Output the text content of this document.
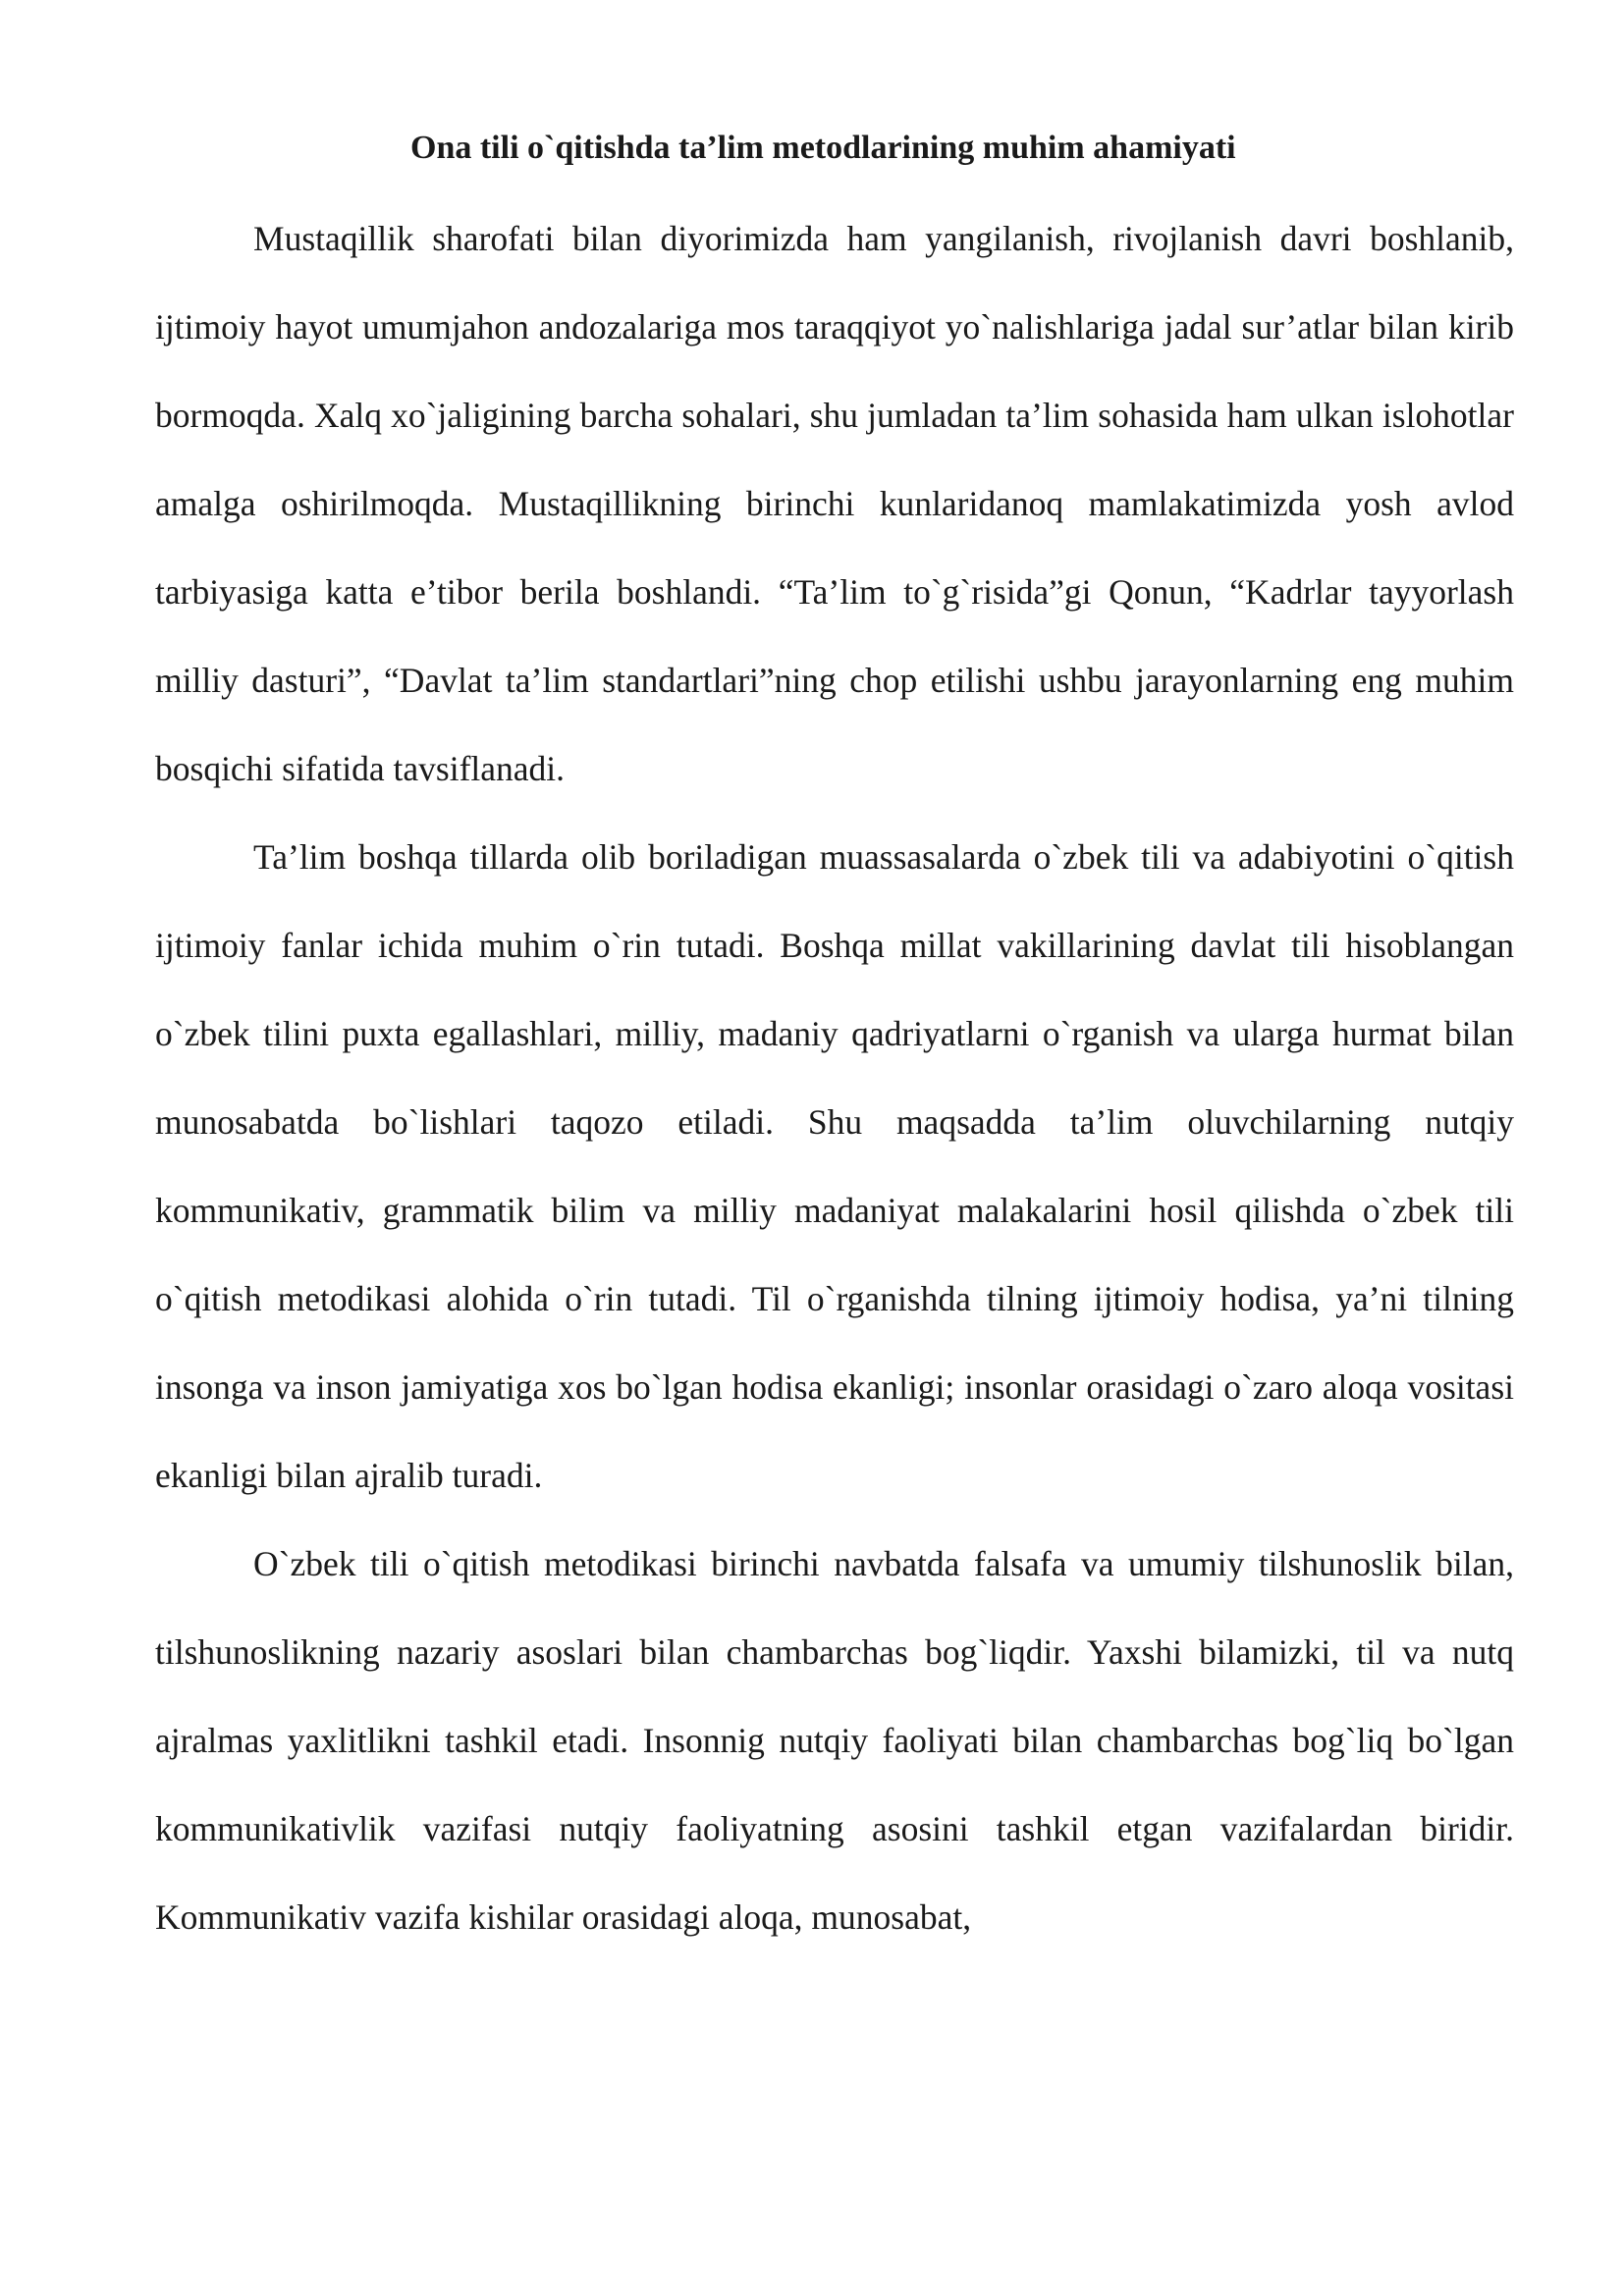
Ona tili o`qitishda ta’lim metodlarining muhim ahamiyati

Mustaqillik sharofati bilan diyorimizda ham yangilanish, rivojlanish davri boshlanib, ijtimoiy hayot umumjahon andozalariga mos taraqqiyot yo`nalishlariga jadal sur’atlar bilan kirib bormoqda. Xalq xo`jaligining barcha sohalari, shu jumladan ta’lim sohasida ham ulkan islohotlar amalga oshirilmoqda. Mustaqillikning birinchi kunlaridanoq mamlakatimizda yosh avlod tarbiyasiga katta e’tibor berila boshlandi. “Ta’lim to`g`risida”gi Qonun, “Kadrlar tayyorlash milliy dasturi”, “Davlat ta’lim standartlari”ning chop etilishi ushbu jarayonlarning eng muhim bosqichi sifatida tavsiflanadi.

Ta’lim boshqa tillarda olib boriladigan muassasalarda o`zbek tili va adabiyotini o`qitish ijtimoiy fanlar ichida muhim o`rin tutadi. Boshqa millat vakillarining davlat tili hisoblangan o`zbek tilini puxta egallashlari, milliy, madaniy qadriyatlarni o`rganish va ularga hurmat bilan munosabatda bo`lishlari taqozo etiladi. Shu maqsadda ta’lim oluvchilarning nutqiy kommunikativ, grammatik bilim va milliy madaniyat malakalarini hosil qilishda o`zbek tili o`qitish metodikasi alohida o`rin tutadi. Til o`rganishda tilning ijtimoiy hodisa, ya’ni tilning insonga va inson jamiyatiga xos bo`lgan hodisa ekanligi; insonlar orasidagi o`zaro aloqa vositasi ekanligi bilan ajralib turadi.

O`zbek tili o`qitish metodikasi birinchi navbatda falsafa va umumiy tilshunoslik bilan, tilshunoslikning nazariy asoslari bilan chambarchas bog`liqdir. Yaxshi bilamizki, til va nutq ajralmas yaxlitlikni tashkil etadi. Insonnig nutqiy faoliyati bilan chambarchas bog`liq bo`lgan kommunikativlik vazifasi nutqiy faoliyatning asosini tashkil etgan vazifalardan biridir. Kommunikativ vazifa kishilar orasidagi aloqa, munosabat,
